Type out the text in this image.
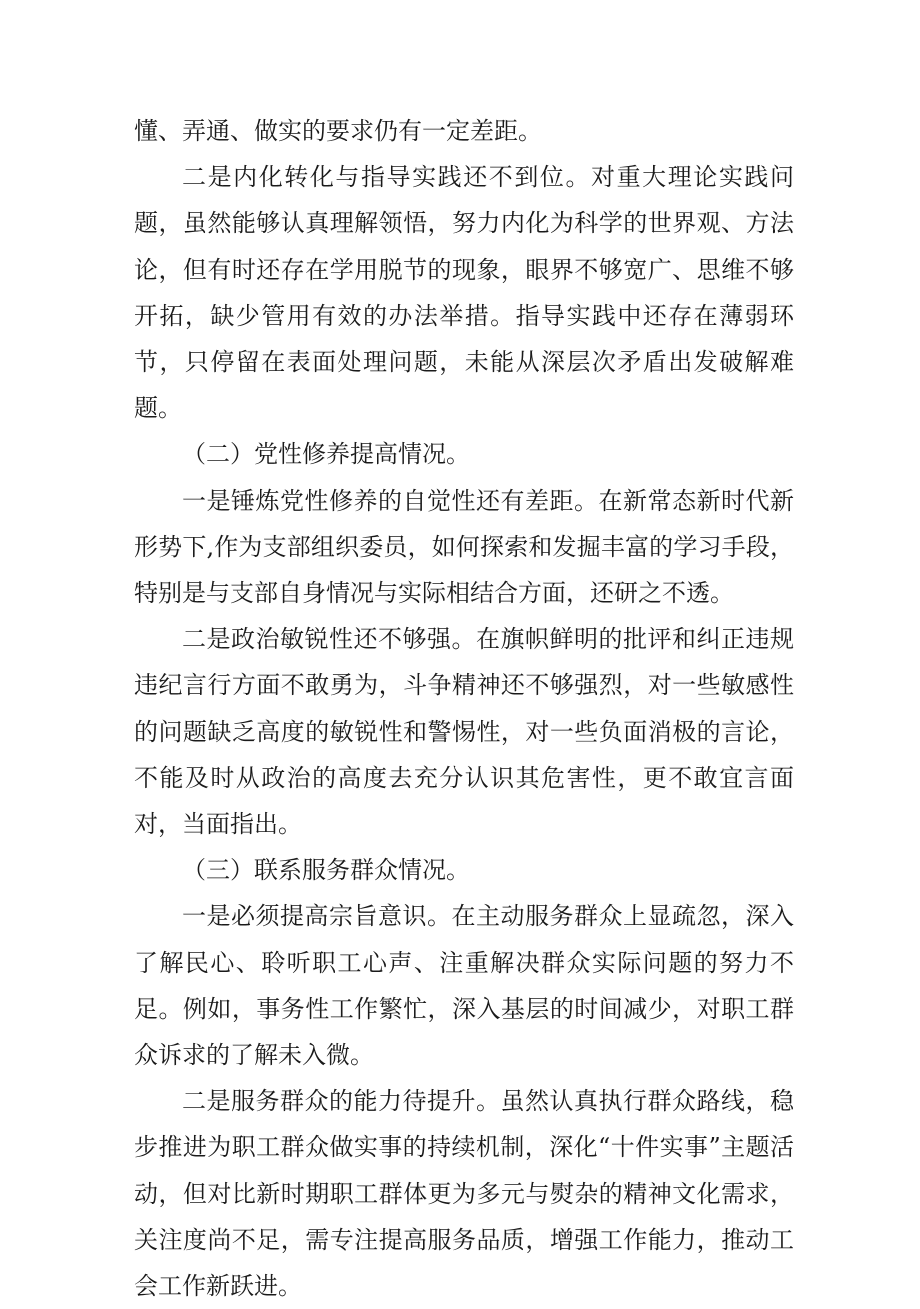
懂、弄通、做实的要求仍有一定差距。

二是内化转化与指导实践还不到位。对重大理论实践问题，虽然能够认真理解领悟，努力内化为科学的世界观、方法论，但有时还存在学用脱节的现象，眼界不够宽广、思维不够开拓，缺少管用有效的办法举措。指导实践中还存在薄弱环节，只停留在表面处理问题，未能从深层次矛盾出发破解难题。

（二）党性修养提高情况。

一是锤炼党性修养的自觉性还有差距。在新常态新时代新形势下,作为支部组织委员，如何探索和发掘丰富的学习手段，特别是与支部自身情况与实际相结合方面，还研之不透。

二是政治敏锐性还不够强。在旗帜鲜明的批评和纠正违规违纪言行方面不敢勇为，斗争精神还不够强烈，对一些敏感性的问题缺乏高度的敏锐性和警惕性，对一些负面消极的言论，不能及时从政治的高度去充分认识其危害性，更不敢宜言面对，当面指出。

（三）联系服务群众情况。

一是必须提高宗旨意识。在主动服务群众上显疏忽，深入了解民心、聆听职工心声、注重解决群众实际问题的努力不足。例如，事务性工作繁忙，深入基层的时间减少，对职工群众诉求的了解未入微。

二是服务群众的能力待提升。虽然认真执行群众路线，稳步推进为职工群众做实事的持续机制，深化“十件实事”主题活动，但对比新时期职工群体更为多元与熨杂的精神文化需求，关注度尚不足，需专注提高服务品质，增强工作能力，推动工会工作新跃进。
